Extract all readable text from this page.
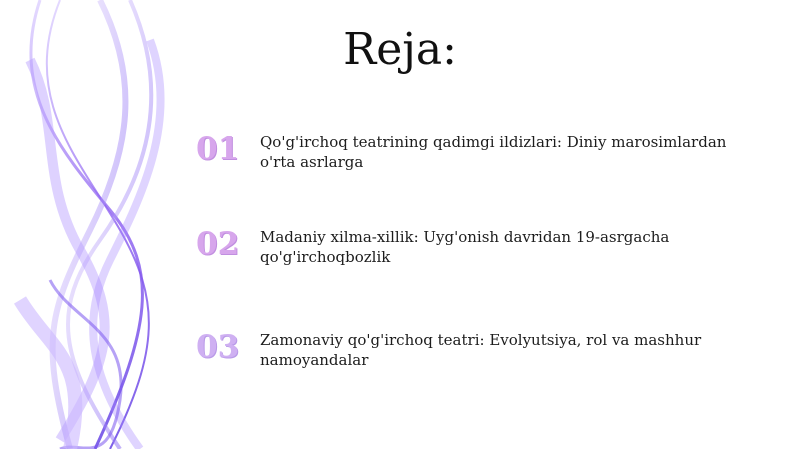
Reja:
01	Qo'g'irchoq teatrining qadimgi ildizlari: Diniy marosimlardan o'rta asrlarga
02	Madaniy xilma-xillik: Uyg'onish davridan 19-asrgacha qo'g'irchoqbozlik
03	Zamonaviy qo'g'irchoq teatri: Evolyutsiya, rol va mashhur namoyandalar
